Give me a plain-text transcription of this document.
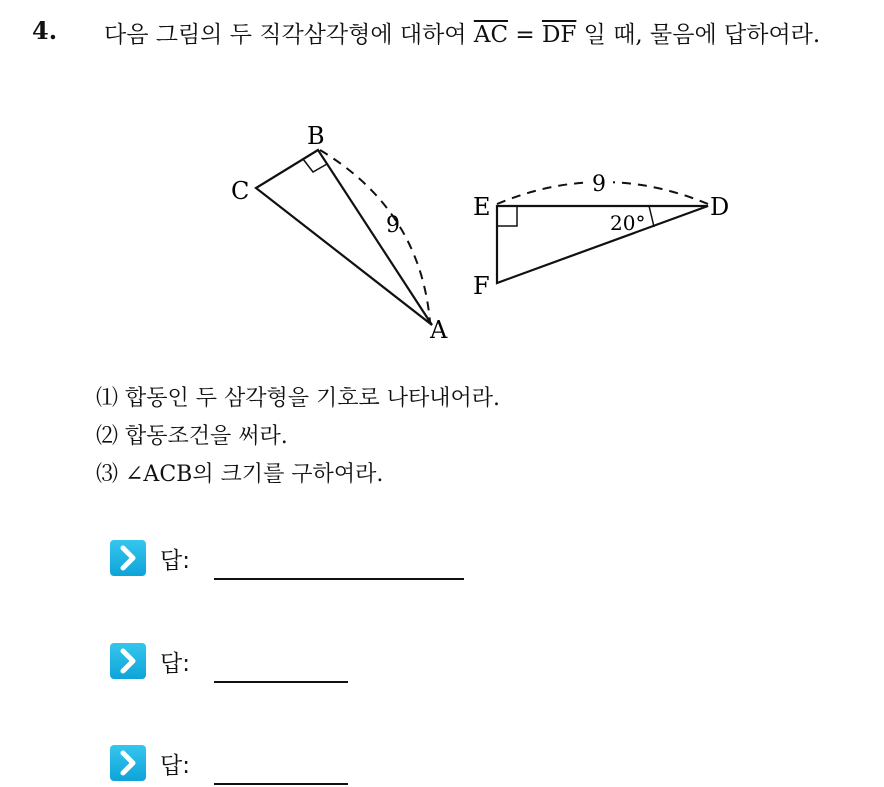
4. 다음 그림의 두 직각삼각형에 대하여 $\overline{AC} = \overline{DF}$ 일 때, 물음에 답하여라.
B
C
A
9
9
20°
E	D
F
⑴ 합동인 두 삼각형을 기호로 나타내어라.
⑵ 합동조건을 써라.
⑶ ∠ACB의 크기를 구하여라.
답:
답:
답:
